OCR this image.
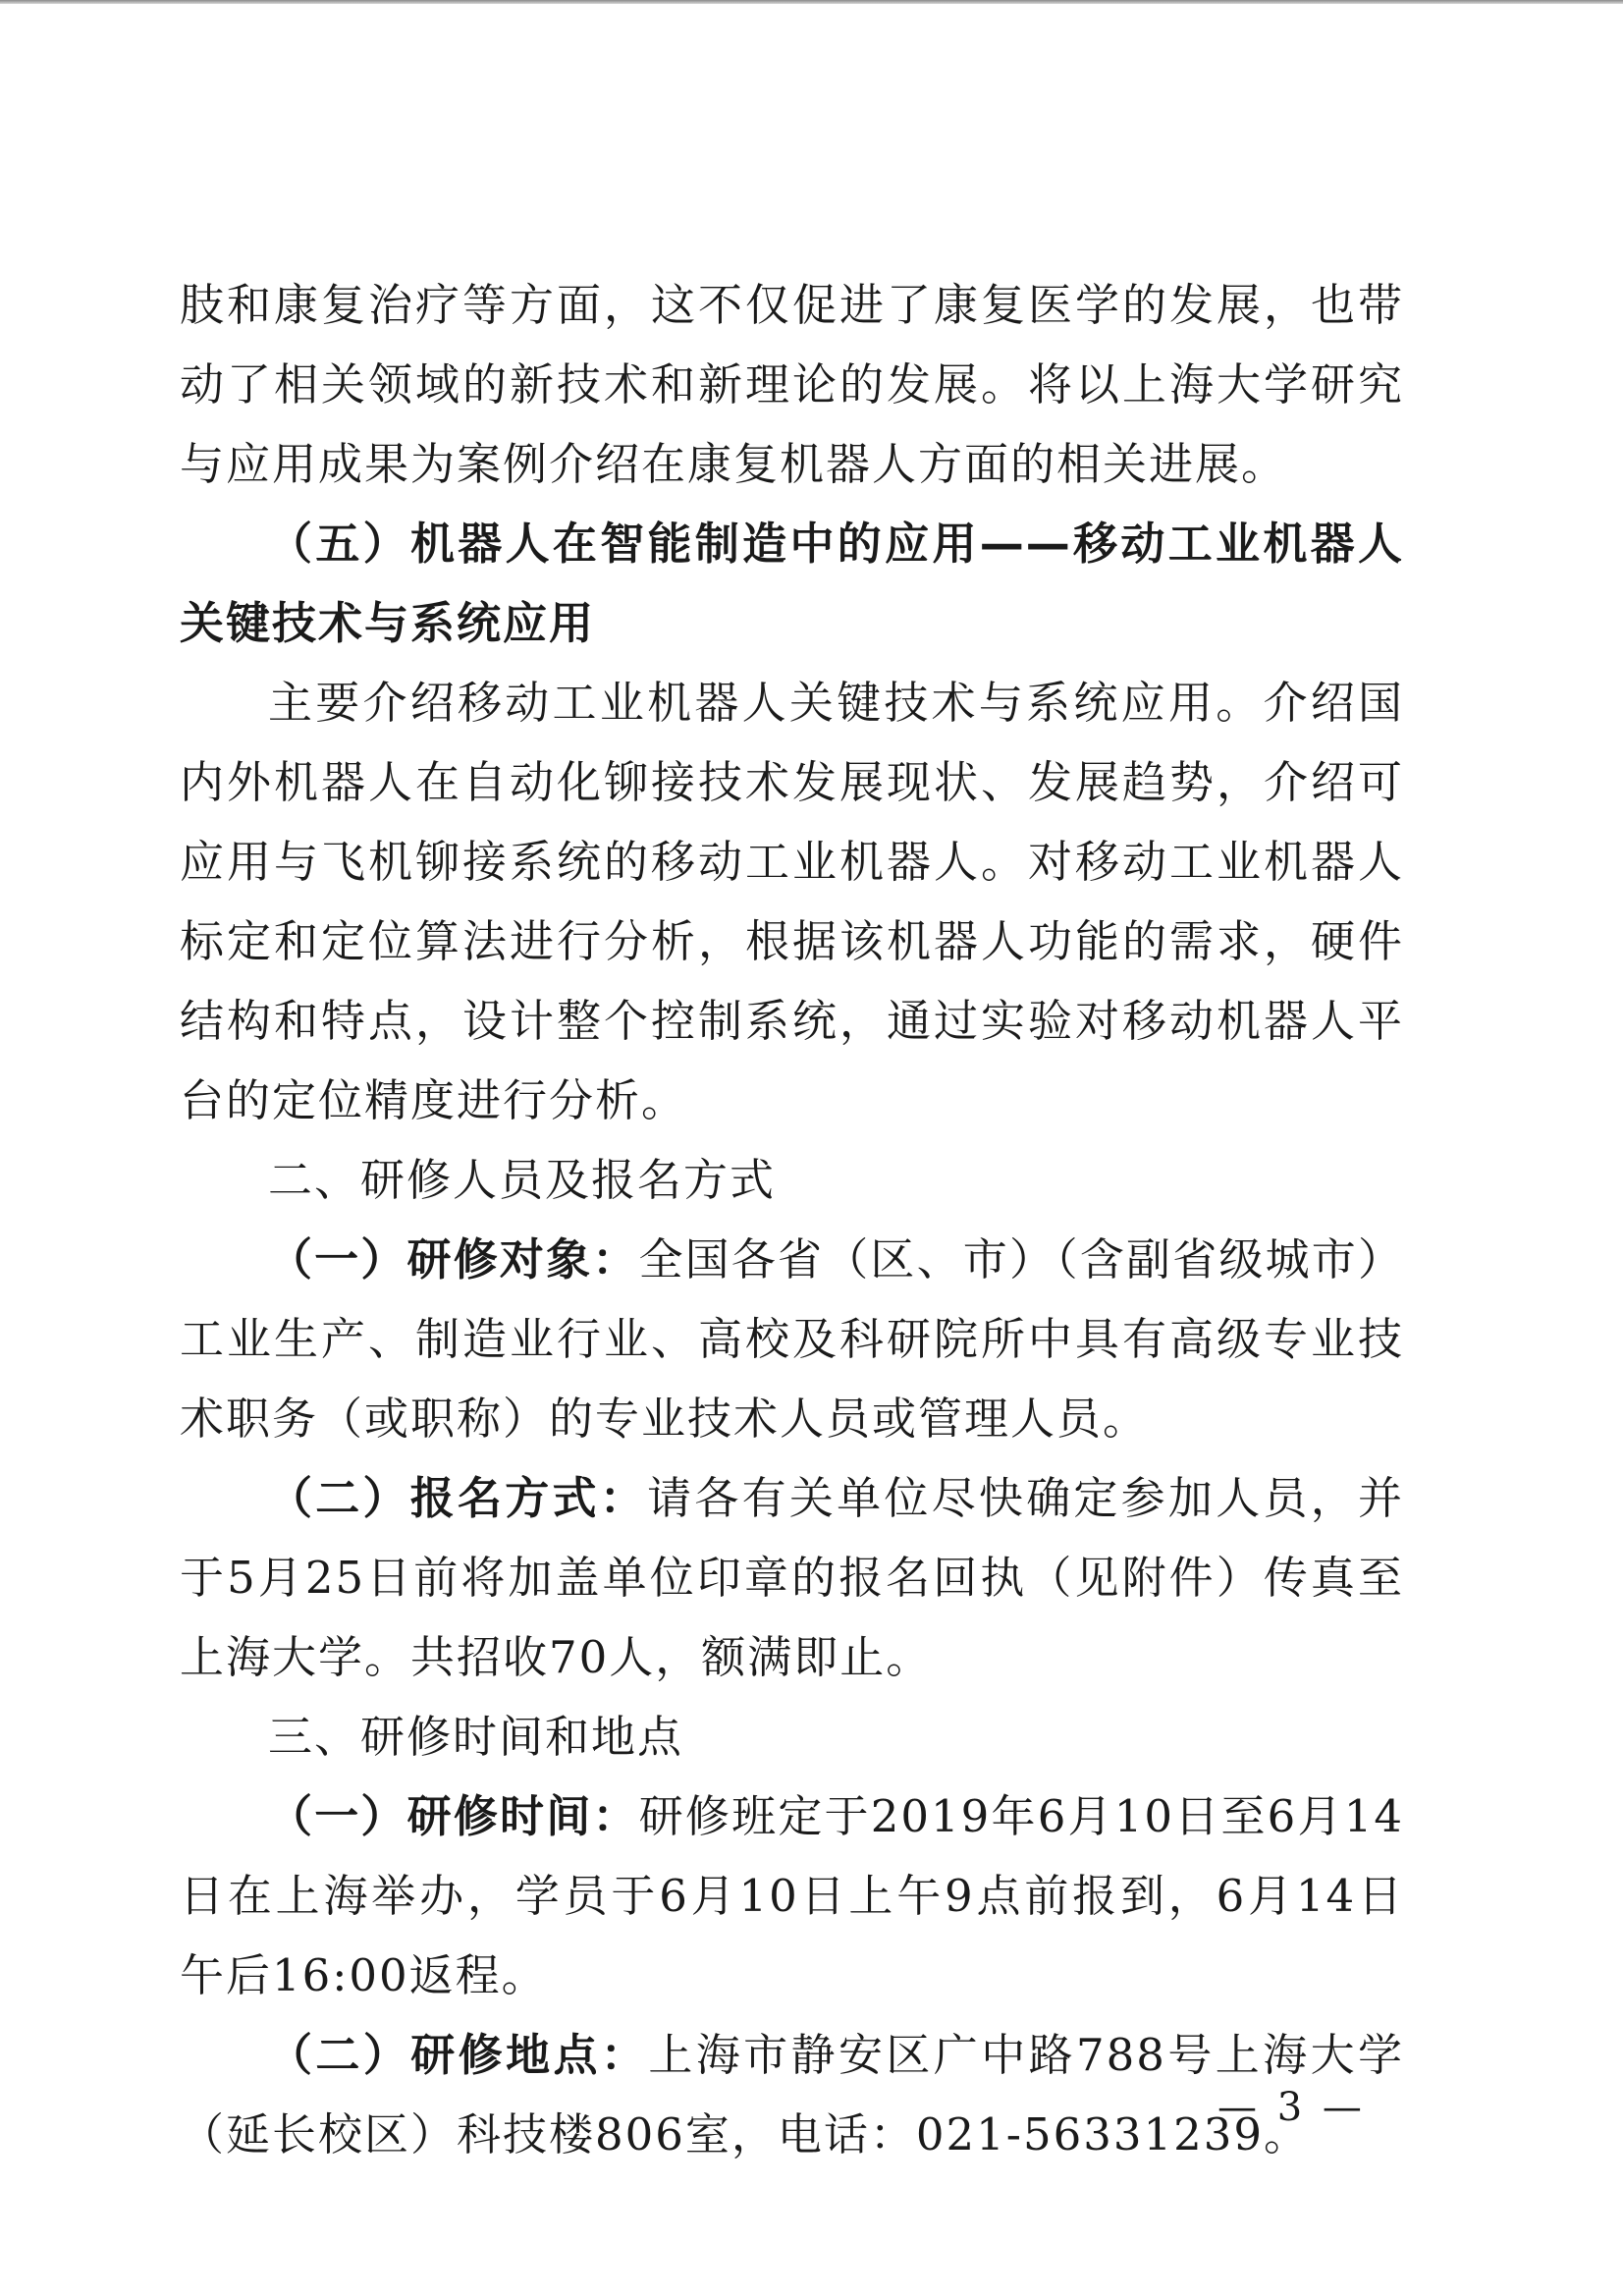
肢和康复治疗等方面，这不仅促进了康复医学的发展，也带动了相关领域的新技术和新理论的发展。将以上海大学研究与应用成果为案例介绍在康复机器人方面的相关进展。

（五）机器人在智能制造中的应用——移动工业机器人关键技术与系统应用

主要介绍移动工业机器人关键技术与系统应用。介绍国内外机器人在自动化铆接技术发展现状、发展趋势，介绍可应用与飞机铆接系统的移动工业机器人。对移动工业机器人标定和定位算法进行分析，根据该机器人功能的需求，硬件结构和特点，设计整个控制系统，通过实验对移动机器人平台的定位精度进行分析。

二、研修人员及报名方式

（一）研修对象：全国各省（区、市）（含副省级城市）工业生产、制造业行业、高校及科研院所中具有高级专业技术职务（或职称）的专业技术人员或管理人员。

（二）报名方式：请各有关单位尽快确定参加人员，并于5月25日前将加盖单位印章的报名回执（见附件）传真至上海大学。共招收70人，额满即止。

三、研修时间和地点

（一）研修时间：研修班定于2019年6月10日至6月14日在上海举办，学员于6月10日上午9点前报到，6月14日午后16:00返程。

（二）研修地点：上海市静安区广中路788号上海大学（延长校区）科技楼806室，电话：021-56331239。

— 3 —
